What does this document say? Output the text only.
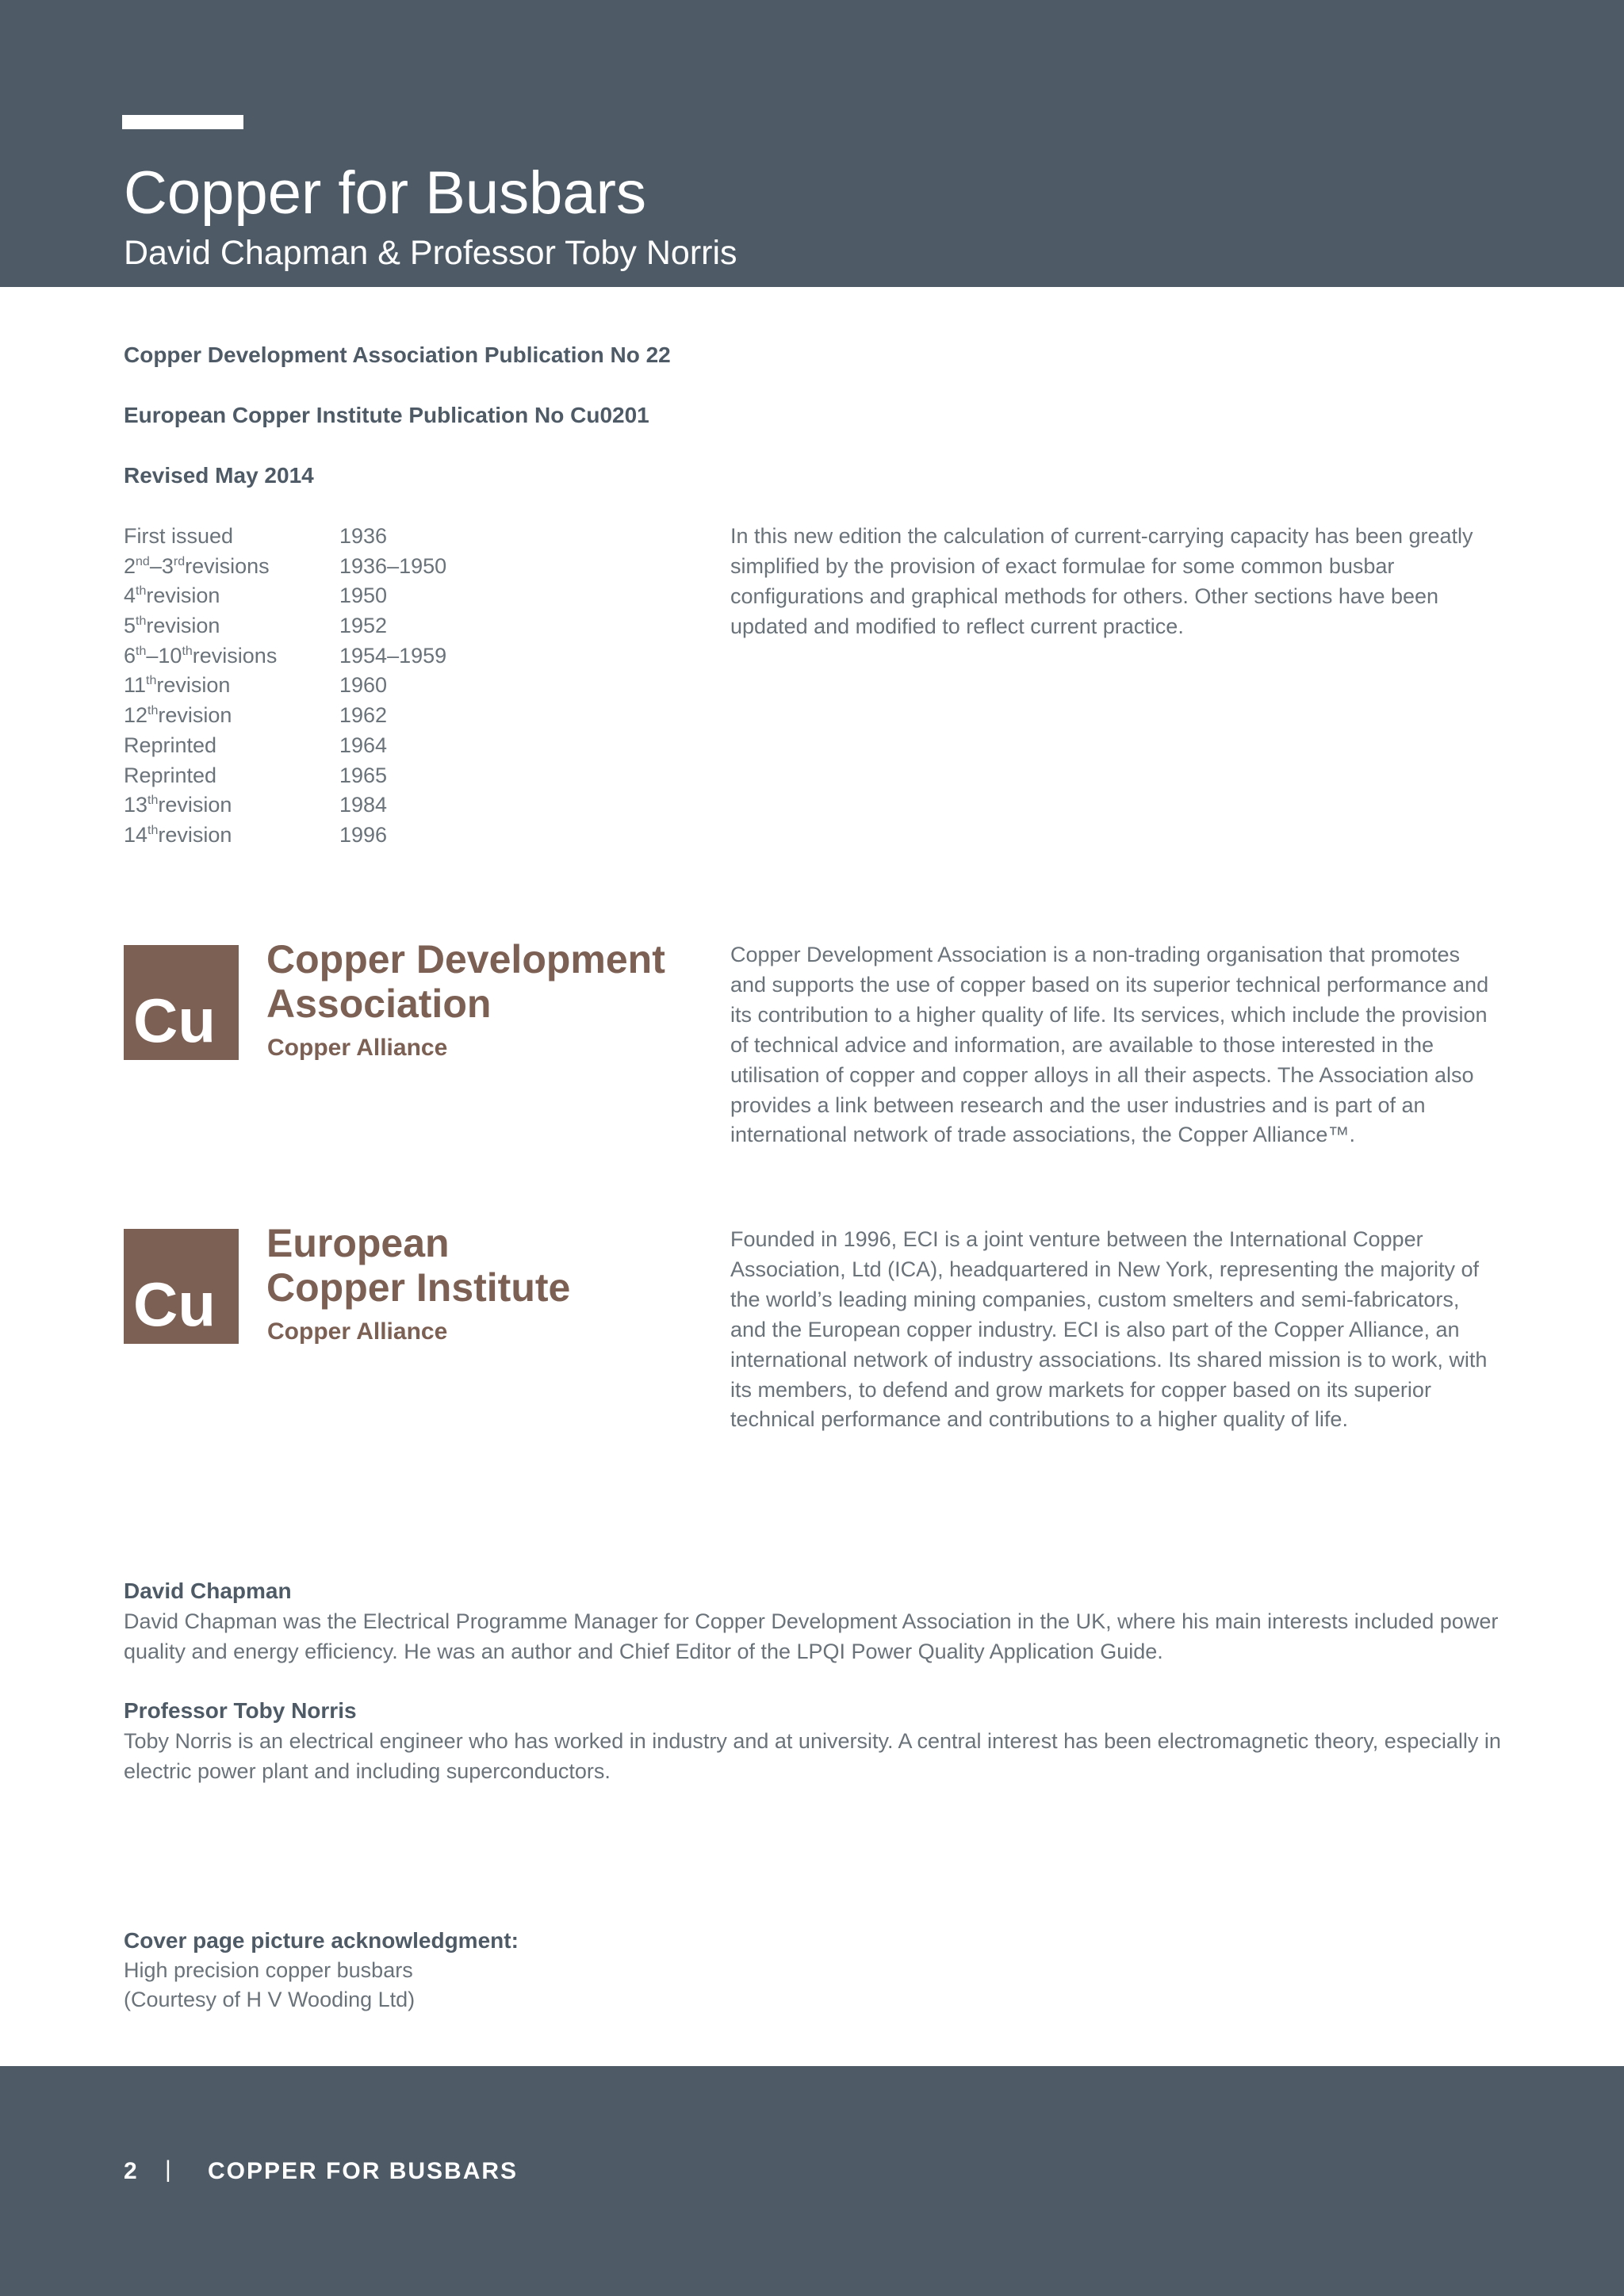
Copper for Busbars
David Chapman & Professor Toby Norris
Copper Development Association Publication No 22
European Copper Institute Publication No Cu0201
Revised May 2014
First issued	1936
2nd–3rdrevisions	1936–1950
4threvision	1950
5threvision	1952
6th–10threvisions	1954–1959
11threvision	1960
12threvision	1962
Reprinted	1964
Reprinted	1965
13threvision	1984
14threvision	1996

In this new edition the calculation of current-carrying capacity has been greatly simplified by the provision of exact formulae for some common busbar configurations and graphical methods for others. Other sections have been updated and modified to reflect current practice.

Cu
Copper Development
Association
Copper Alliance

Copper Development Association is a non-trading organisation that promotes and supports the use of copper based on its superior technical performance and its contribution to a higher quality of life. Its services, which include the provision of technical advice and information, are available to those interested in the utilisation of copper and copper alloys in all their aspects. The Association also provides a link between research and the user industries and is part of an international network of trade associations, the Copper Alliance™.

Cu
European
Copper Institute
Copper Alliance

Founded in 1996, ECI is a joint venture between the International Copper Association, Ltd (ICA), headquartered in New York, representing the majority of the world’s leading mining companies, custom smelters and semi-fabricators, and the European copper industry. ECI is also part of the Copper Alliance, an international network of industry associations. Its shared mission is to work, with its members, to defend and grow markets for copper based on its superior technical performance and contributions to a higher quality of life.

David Chapman

David Chapman was the Electrical Programme Manager for Copper Development Association in the UK, where his main interests included power quality and energy efficiency. He was an author and Chief Editor of the LPQI Power Quality Application Guide.

Professor Toby Norris

Toby Norris is an electrical engineer who has worked in industry and at university. A central interest has been electromagnetic theory, especially in electric power plant and including superconductors.

Cover page picture acknowledgment:
High precision copper busbars
(Courtesy of H V Wooding Ltd)
2 | COPPER FOR BUSBARS
